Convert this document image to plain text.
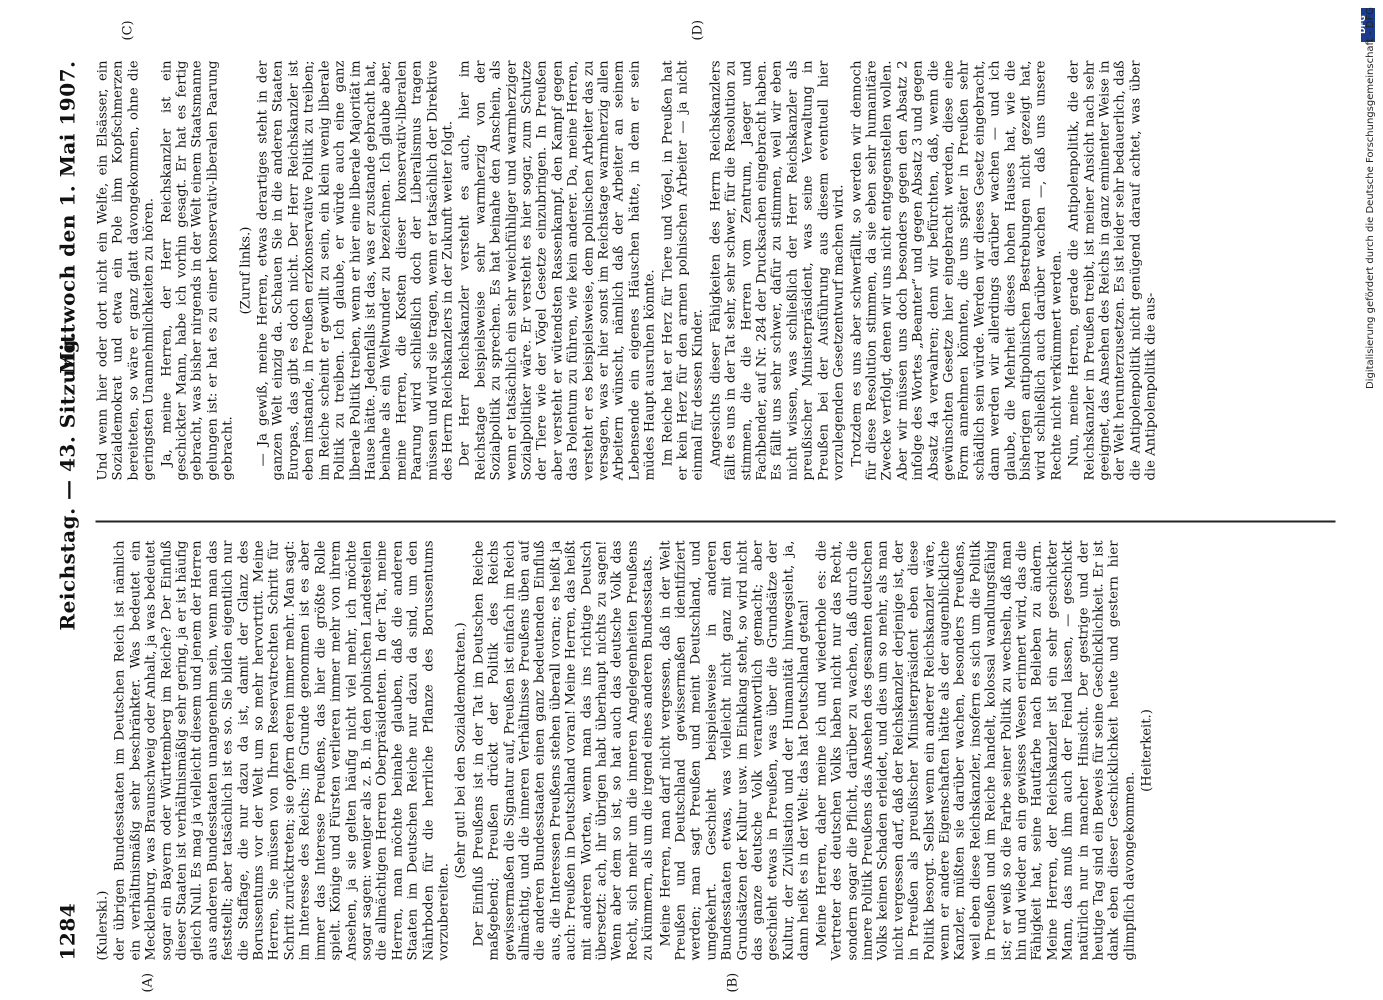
1284
Reichstag. — 43. Sitzung.
Mittwoch den 1. Mai 1907.
(A)	(B)
(C)	(D)

(Kulerski.) der übrigen Bundesstaaten im Deutschen Reich ist nämlich ein verhältnismäßig sehr beschränkter. Was bedeutet ein Mecklenburg, was Braunschweig oder Anhalt, ja was bedeutet sogar ein Bayern oder Württemberg im Reiche? Der Einfluß dieser Staaten ist verhältnismäßig sehr gering, ja er ist häufig gleich Null. Es mag ja vielleicht diesem und jenem der Herren aus anderen Bundesstaaten unangenehm sein, wenn man das feststellt; aber tatsächlich ist es so. Sie bilden eigentlich nur die Staffage, die nur dazu da ist, damit der Glanz des Borussentums vor der Welt um so mehr hervortritt. Meine Herren, Sie müssen von Ihren Reservatrechten Schritt für Schritt zurücktreten; sie opfern deren immer mehr. Man sagt: im Interesse des Reichs; im Grunde genommen ist es aber immer das Interesse Preußens, das hier die größte Rolle spielt. Könige und Fürsten verlieren immer mehr von ihrem Ansehen, ja sie gelten häufig nicht viel mehr, ich möchte sogar sagen: weniger als z. B. in den polnischen Landesteilen die allmächtigen Herren Oberpräsidenten. In der Tat, meine Herren, man möchte beinahe glauben, daß die anderen Staaten im Deutschen Reiche nur dazu da sind, um den Nährboden für die herrliche Pflanze des Borussentums vorzubereiten.

(Sehr gut! bei den Sozialdemokraten.) Der Einfluß Preußens ist in der Tat im Deutschen Reiche maßgebend; Preußen drückt der Politik des Reichs gewissermaßen die Signatur auf, Preußen ist einfach im Reich allmächtig, und die inneren Verhältnisse Preußens üben auf die anderen Bundesstaaten einen ganz bedeutenden Einfluß aus, die Interessen Preußens stehen überall voran; es heißt ja auch: Preußen in Deutschland voran! Meine Herren, das heißt mit anderen Worten, wenn man das ins richtige Deutsch übersetzt: ach, ihr übrigen habt überhaupt nichts zu sagen! Wenn aber dem so ist, so hat auch das deutsche Volk das Recht, sich mehr um die inneren Angelegenheiten Preußens zu kümmern, als um die irgend eines anderen Bundesstaats. Meine Herren, man darf nicht vergessen, daß in der Welt Preußen und Deutschland gewissermaßen identifiziert werden; man sagt Preußen und meint Deutschland, und umgekehrt. Geschieht beispielsweise in anderen Bundesstaaten etwas, was vielleicht nicht ganz mit den Grundsätzen der Kultur usw. im Einklang steht, so wird nicht das ganze deutsche Volk verantwortlich gemacht; aber geschieht etwas in Preußen, was über die Grundsätze der Kultur, der Zivilisation und der Humanität hinwegsieht, ja, dann heißt es in der Welt: das hat Deutschland getan! Meine Herren, daher meine ich und wiederhole es: die Vertreter des deutschen Volks haben nicht nur das Recht, sondern sogar die Pflicht, darüber zu wachen, daß durch die innere Politik Preußens das Ansehen des gesamten deutschen Volks keinen Schaden erleidet, und dies um so mehr, als man nicht vergessen darf, daß der Reichskanzler derjenige ist, der in Preußen als preußischer Ministerpräsident eben diese Politik besorgt. Selbst wenn ein anderer Reichskanzler wäre, wenn er andere Eigenschaften hätte als der augenblickliche Kanzler, müßten sie darüber wachen, besonders Preußens, weil eben diese Reichskanzler, insofern es sich um die Politik in Preußen und im Reiche handelt, kolossal wandlungsfähig ist; er weiß so die Farbe seiner Politik zu wechseln, daß man hin und wieder an ein gewisses Wesen erinnert wird, das die Fähigkeit hat, seine Hautfarbe nach Belieben zu ändern. Meine Herren, der Reichskanzler ist ein sehr geschickter Mann, das muß ihm auch der Feind lassen, — geschickt natürlich nur in mancher Hinsicht. Der gestrige und der heutige Tag sind ein Beweis für seine Geschicklichkeit. Er ist dank eben dieser Geschicklichkeit heute und gestern hier glimpflich davongekommen.

(Heiterkeit.)

Und wenn hier oder dort nicht ein Welfe, ein Elsässer, ein Sozialdemokrat und etwa ein Pole ihm Kopfschmerzen bereiteten, so wäre er ganz glatt davongekommen, ohne die geringsten Unannehmlichkeiten zu hören. Ja, meine Herren, der Herr Reichskanzler ist ein geschickter Mann, habe ich vorhin gesagt. Er hat es fertig gebracht, was bisher nirgends in der Welt einem Staatsmanne gelungen ist: er hat es zu einer konservativ-liberalen Paarung gebracht.

(Zuruf links.) — Ja gewiß, meine Herren, etwas derartiges steht in der ganzen Welt einzig da. Schauen Sie in die anderen Staaten Europas, das gibt es doch nicht. Der Herr Reichskanzler ist eben imstande, in Preußen erzkonservative Politik zu treiben; im Reiche scheint er gewillt zu sein, ein klein wenig liberale Politik zu treiben. Ich glaube, er würde auch eine ganz liberale Politik treiben, wenn er hier eine liberale Majorität im Hause hätte. Jedenfalls ist das, was er zustande gebracht hat, beinahe als ein Weltwunder zu bezeichnen. Ich glaube aber, meine Herren, die Kosten dieser konservativ-liberalen Paarung wird schließlich doch der Liberalismus tragen müssen und wird sie tragen, wenn er tatsächlich der Direktive des Herrn Reichskanzlers in der Zukunft weiter folgt. Der Herr Reichskanzler versteht es auch, hier im Reichstage beispielsweise sehr warmherzig von der Sozialpolitik zu sprechen. Es hat beinahe den Anschein, als wenn er tatsächlich ein sehr weichfühliger und warmherziger Sozialpolitiker wäre. Er versteht es hier sogar, zum Schutze der Tiere wie der Vögel Gesetze einzubringen. In Preußen aber versteht er wütendsten Rassenkampf, den Kampf gegen das Polentum zu führen, wie kein anderer. Da, meine Herren, versteht er es beispielsweise, dem polnischen Arbeiter das zu versagen, was er hier sonst im Reichstage warmherzig allen Arbeitern wünscht, nämlich daß der Arbeiter an seinem Lebensende ein eigenes Häuschen hätte, in dem er sein müdes Haupt ausruhen könnte. Im Reiche hat er Herz für Tiere und Vögel, in Preußen hat er kein Herz für den armen polnischen Arbeiter — ja nicht einmal für dessen Kinder. Angesichts dieser Fähigkeiten des Herrn Reichskanzlers fällt es uns in der Tat sehr, sehr schwer, für die Resolution zu stimmen, die die Herren vom Zentrum, Jaeger und Fachbender, auf Nr. 284 der Drucksachen eingebracht haben. Es fällt uns sehr schwer, dafür zu stimmen, weil wir eben nicht wissen, was schließlich der Herr Reichskanzler als preußischer Ministerpräsident, was seine Verwaltung in Preußen bei der Ausführung aus diesem eventuell hier vorzulegenden Gesetzentwurf machen wird. Trotzdem es uns aber schwerfällt, so werden wir dennoch für diese Resolution stimmen, da sie eben sehr humanitäre Zwecke verfolgt, denen wir uns nicht entgegenstellen wollen. Aber wir müssen uns doch besonders gegen den Absatz 2 infolge des Wortes „Beamter“ und gegen Absatz 3 und gegen Absatz 4a verwahren; denn wir befürchten, daß, wenn die gewünschten Gesetze hier eingebracht werden, diese eine Form annehmen könnten, die uns später in Preußen sehr schädlich sein würde. Werden wir dieses Gesetz eingebracht, dann werden wir allerdings darüber wachen — und ich glaube, die Mehrheit dieses hohen Hauses hat, wie die bisherigen antipolnischen Bestrebungen nicht gezeigt hat, wird schließlich auch darüber wachen —, daß uns unsere Rechte nicht verkümmert werden. Nun, meine Herren, gerade die Antipolenpolitik, die der Reichskanzler in Preußen treibt, ist meiner Ansicht nach sehr geeignet, das Ansehen des Reichs in ganz eminenter Weise in der Welt herunterzusetzen. Es ist leider sehr bedauerlich, daß die Antipolenpolitik nicht genügend darauf achtet, was über die Antipolenpolitik die aus-

DFG
Digitalisierung gefördert durch die Deutsche Forschungsgemeinschaft - DFG
